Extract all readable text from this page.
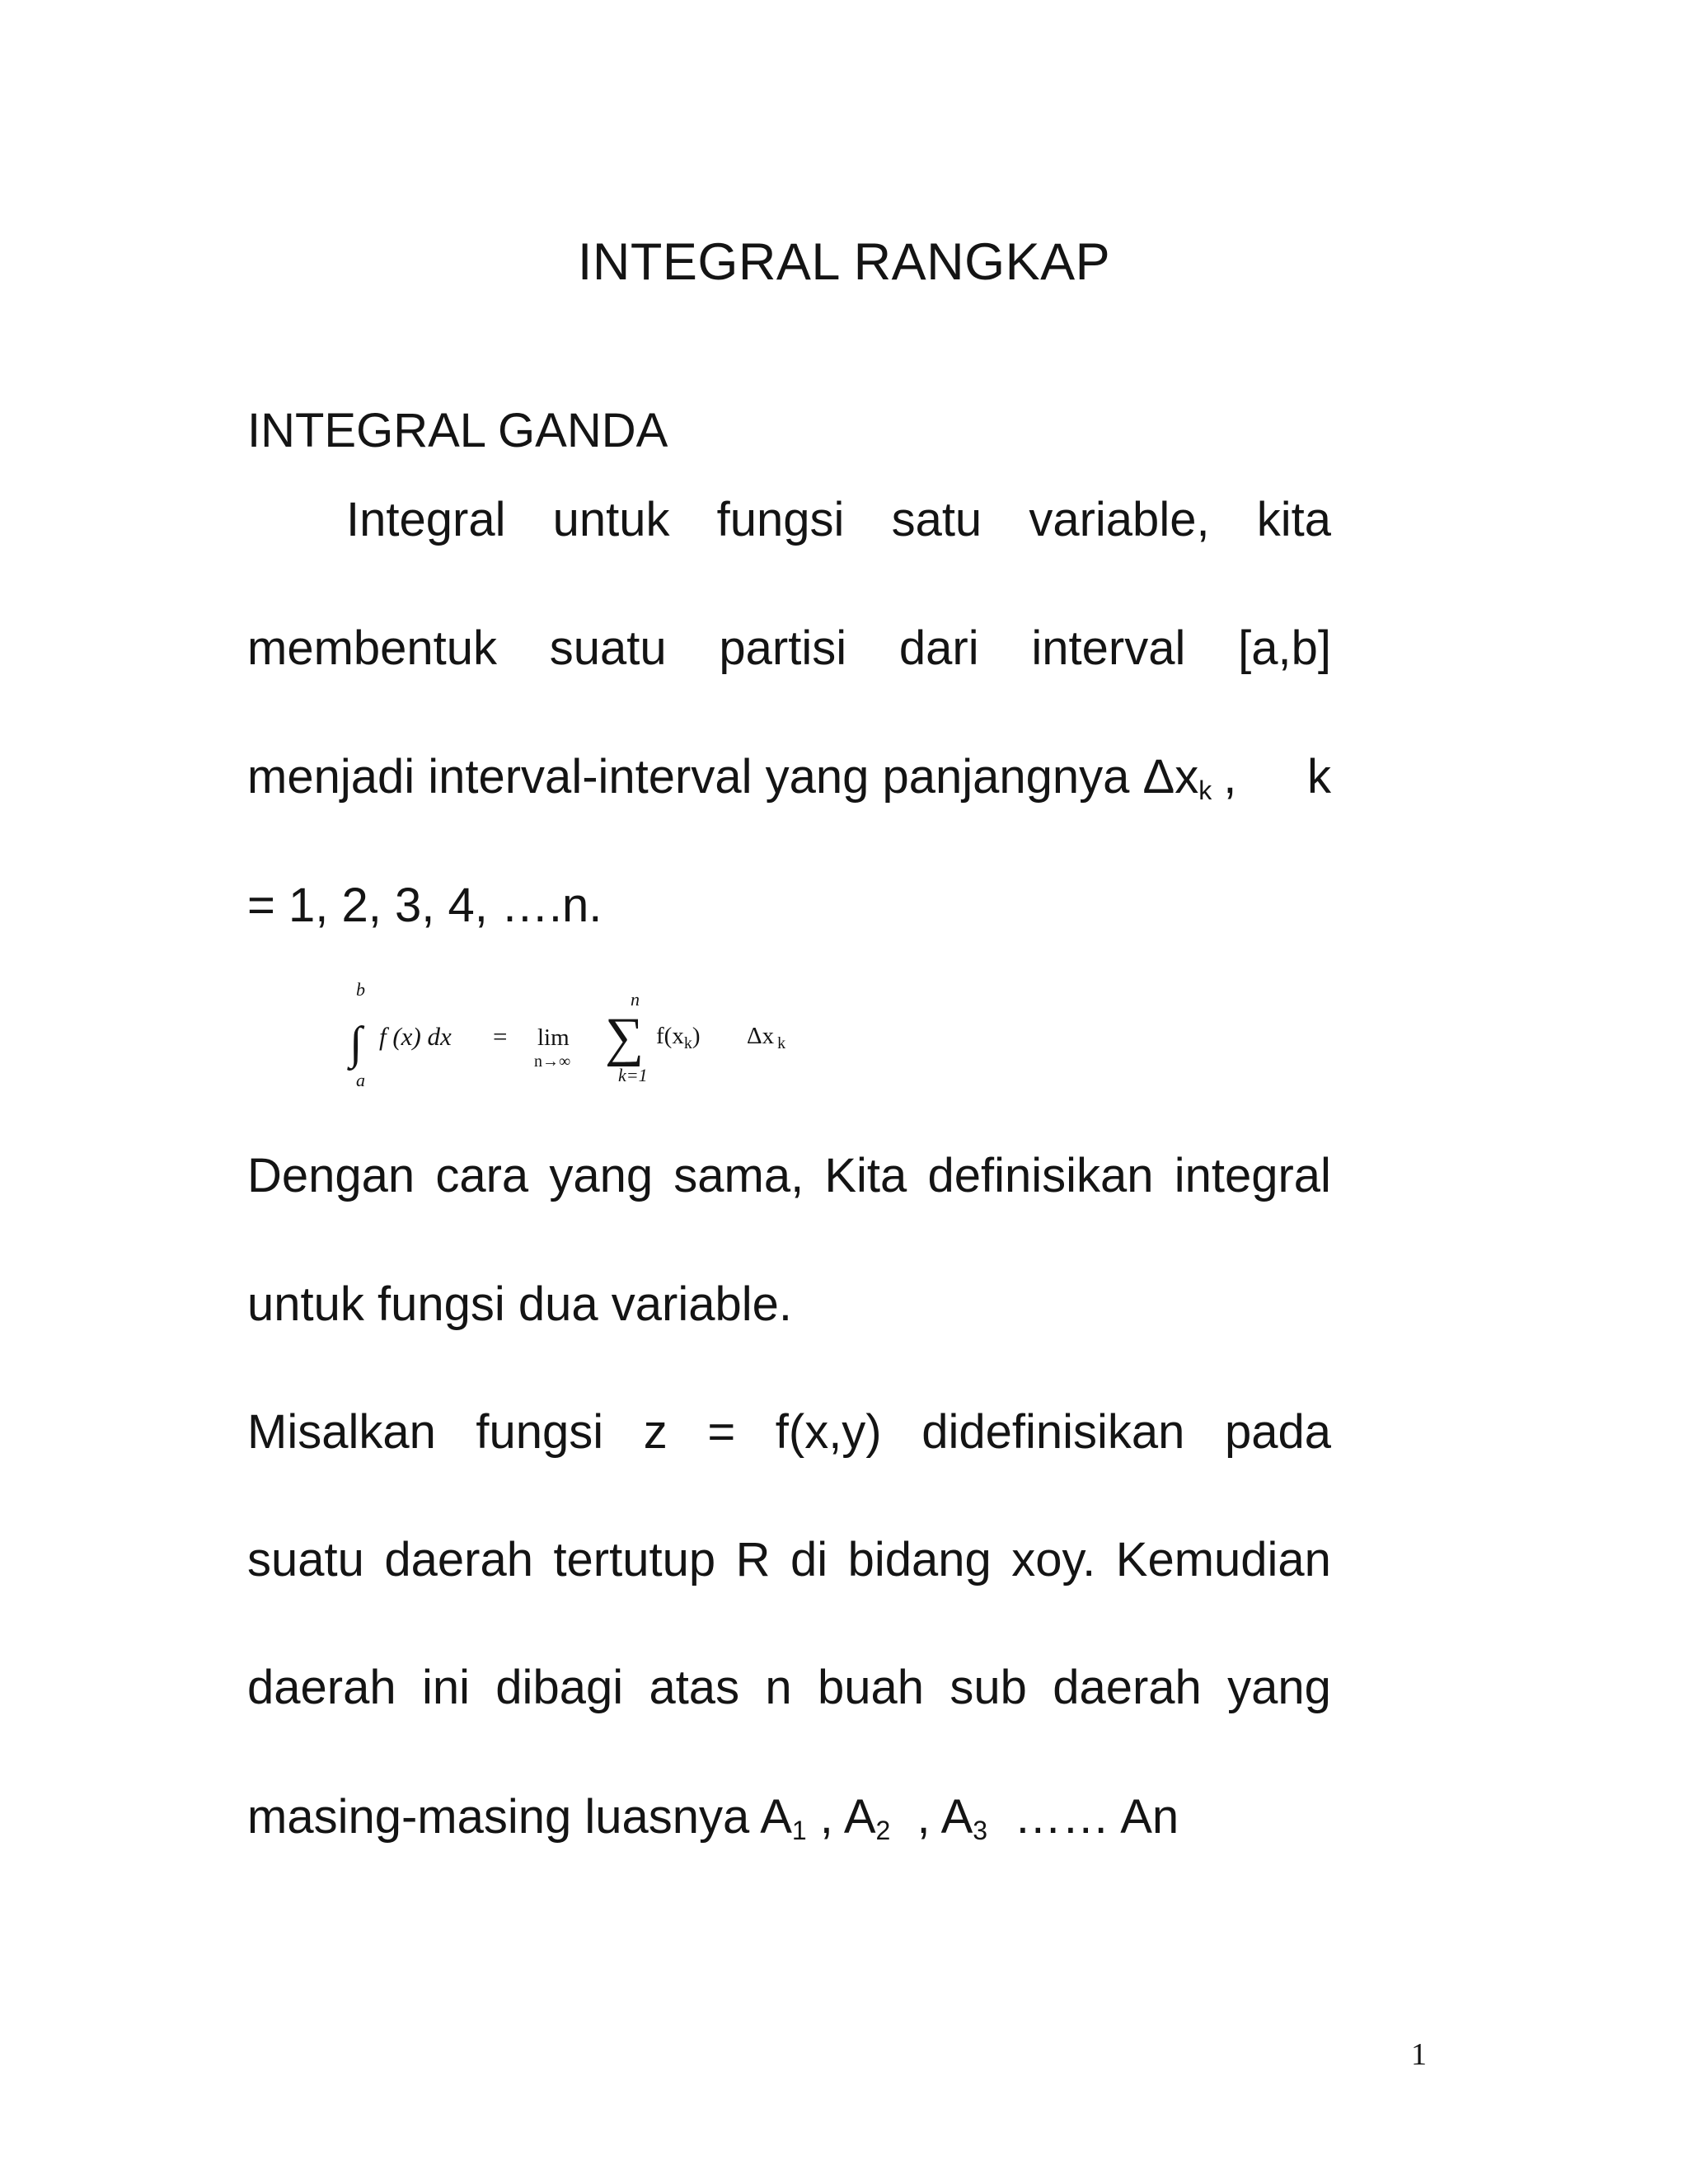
INTEGRAL RANGKAP
INTEGRAL GANDA
Integral untuk fungsi satu variable, kita
membentuk suatu partisi dari interval [a,b]
menjadi interval-interval yang panjangnya $\Delta x_k$ , k
= 1, 2, 3, 4, ….n.
b
∫
a
f (x) dx = lim
n→∞
n
∑
k=1
$f(x_k)$ Δx $_k$
Dengan cara yang sama, Kita definisikan integral
untuk fungsi dua variable.
Misalkan fungsi z = f(x,y) didefinisikan pada
suatu daerah tertutup R di bidang xoy. Kemudian
daerah ini dibagi atas n buah sub daerah yang
masing-masing luasnya $A_1$ , $A_2$  , $A_3$  …… An
1
